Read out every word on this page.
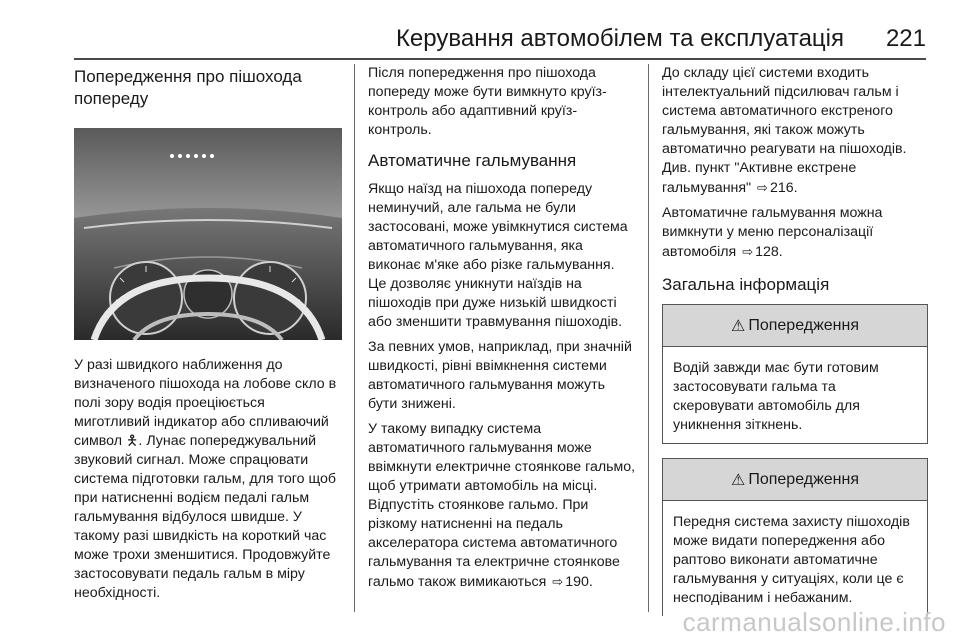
Керування автомобілем та експлуатація 221
Попередження про пішохода попереду

У разі швидкого наближення до визначеного пішохода на лобове скло в полі зору водія проеціюється миготливий індикатор або спливаючий символ 🯅. Лунає попереджувальний звуковий сигнал. Може спрацювати система підготовки гальм, для того щоб при натисненні водієм педалі гальм гальмування відбулося швидше. У такому разі швидкість на короткий час може трохи зменшитися. Продовжуйте застосовувати педаль гальм в міру необхідності.

Після попередження про пішохода попереду може бути вимкнуто круїз-контроль або адаптивний круїз-контроль.

Автоматичне гальмування

Якщо наїзд на пішохода попереду неминучий, але гальма не були застосовані, може увімкнутися система автоматичного гальмування, яка виконає м'яке або різке гальмування. Це дозволяє уникнути наїздів на пішоходів при дуже низькій швидкості або зменшити травмування пішоходів.

За певних умов, наприклад, при значній швидкості, рівні ввімкнення системи автоматичного гальмування можуть бути знижені.

У такому випадку система автоматичного гальмування може ввімкнути електричне стоянкове гальмо, щоб утримати автомобіль на місці. Відпустіть стоянкове гальмо. При різкому натисненні на педаль акселератора система автоматичного гальмування та електричне стоянкове гальмо також вимикаються ⇨ 190.

До складу цієї системи входить інтелектуальний підсилювач гальм і система автоматичного екстреного гальмування, які також можуть автоматично реагувати на пішоходів. Див. пункт "Активне екстрене гальмування" ⇨ 216.

Автоматичне гальмування можна вимкнути у меню персоналізації автомобіля ⇨ 128.

Загальна інформація
⚠ Попередження

Водій завжди має бути готовим застосовувати гальма та скеровувати автомобіль для уникнення зіткнень.

⚠ Попередження

Передня система захисту пішоходів може видати попередження або раптово виконати автоматичне гальмування у ситуаціях, коли це є несподіваним і небажаним.

carmanualsonline.info
